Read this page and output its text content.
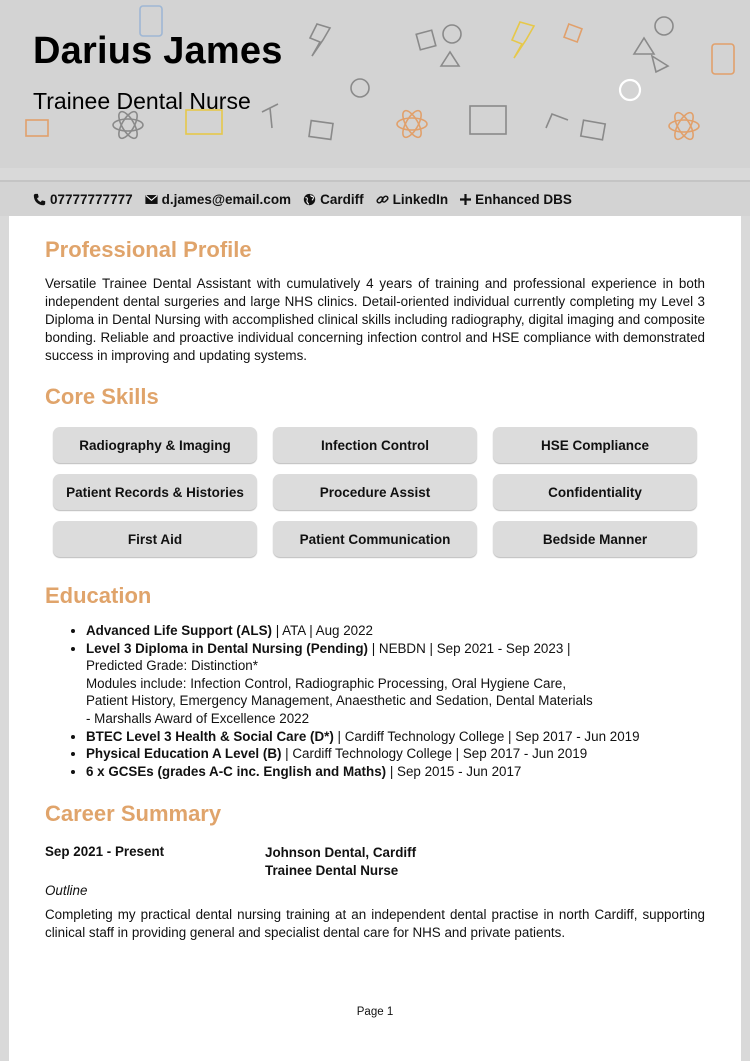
Darius James
Trainee Dental Nurse
07777777777 d.james@email.com Cardiff LinkedIn Enhanced DBS
Professional Profile
Versatile Trainee Dental Assistant with cumulatively 4 years of training and professional experience in both independent dental surgeries and large NHS clinics. Detail-oriented individual currently completing my Level 3 Diploma in Dental Nursing with accomplished clinical skills including radiography, digital imaging and composite bonding. Reliable and proactive individual concerning infection control and HSE compliance with demonstrated success in improving and updating systems.
Core Skills
Radiography & Imaging	Infection Control	HSE Compliance
Patient Records & Histories	Procedure Assist	Confidentiality
First Aid	Patient Communication	Bedside Manner
Education
• Advanced Life Support (ALS) | ATA | Aug 2022
• Level 3 Diploma in Dental Nursing (Pending) | NEBDN | Sep 2021 - Sep 2023 |
Predicted Grade: Distinction*
Modules include: Infection Control, Radiographic Processing, Oral Hygiene Care,
Patient History, Emergency Management, Anaesthetic and Sedation, Dental Materials
- Marshalls Award of Excellence 2022
• BTEC Level 3 Health & Social Care (D*) | Cardiff Technology College | Sep 2017 - Jun 2019
• Physical Education A Level (B) | Cardiff Technology College | Sep 2017 - Jun 2019
• 6 x GCSEs (grades A-C inc. English and Maths) | Sep 2015 - Jun 2017
Career Summary
Sep 2021 - Present	Johnson Dental, Cardiff
Trainee Dental Nurse
Outline
Completing my practical dental nursing training at an independent dental practise in north Cardiff, supporting clinical staff in providing general and specialist dental care for NHS and private patients.
Page 1
